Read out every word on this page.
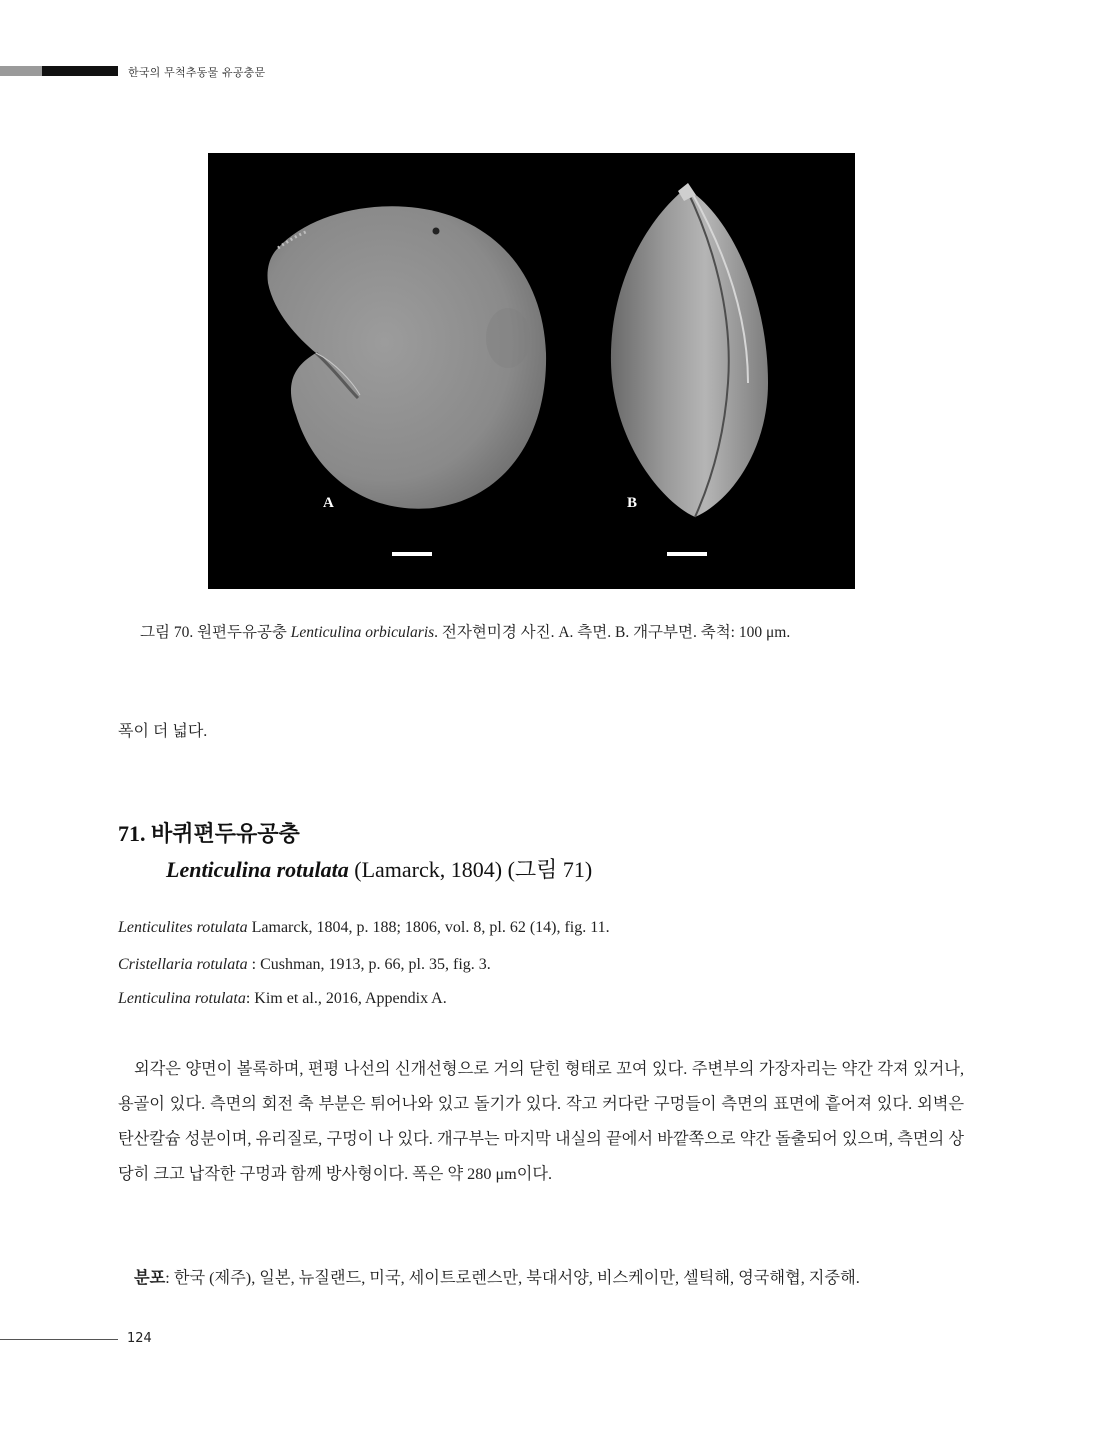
한국의 무척추동물 유공충문
A	B
그림 70. 원편두유공충 Lenticulina orbicularis. 전자현미경 사진. A. 측면. B. 개구부면. 축척: 100 μm.
폭이 더 넓다.
71. 바퀴편두유공충
Lenticulina rotulata (Lamarck, 1804) (그림 71)
Lenticulites rotulata Lamarck, 1804, p. 188; 1806, vol. 8, pl. 62 (14), fig. 11.
Cristellaria rotulata : Cushman, 1913, p. 66, pl. 35, fig. 3.
Lenticulina rotulata: Kim et al., 2016, Appendix A.
외각은 양면이 볼록하며, 편평 나선의 신개선형으로 거의 닫힌 형태로 꼬여 있다. 주변부의 가장자리는 약간 각져 있거나, 용골이 있다. 측면의 회전 축 부분은 튀어나와 있고 돌기가 있다. 작고 커다란 구멍들이 측면의 표면에 흩어져 있다. 외벽은 탄산칼슘 성분이며, 유리질로, 구멍이 나 있다. 개구부는 마지막 내실의 끝에서 바깥쪽으로 약간 돌출되어 있으며, 측면의 상당히 크고 납작한 구멍과 함께 방사형이다. 폭은 약 280 μm이다.
분포: 한국 (제주), 일본, 뉴질랜드, 미국, 세이트로렌스만, 북대서양, 비스케이만, 셀틱해, 영국해협, 지중해.
124
